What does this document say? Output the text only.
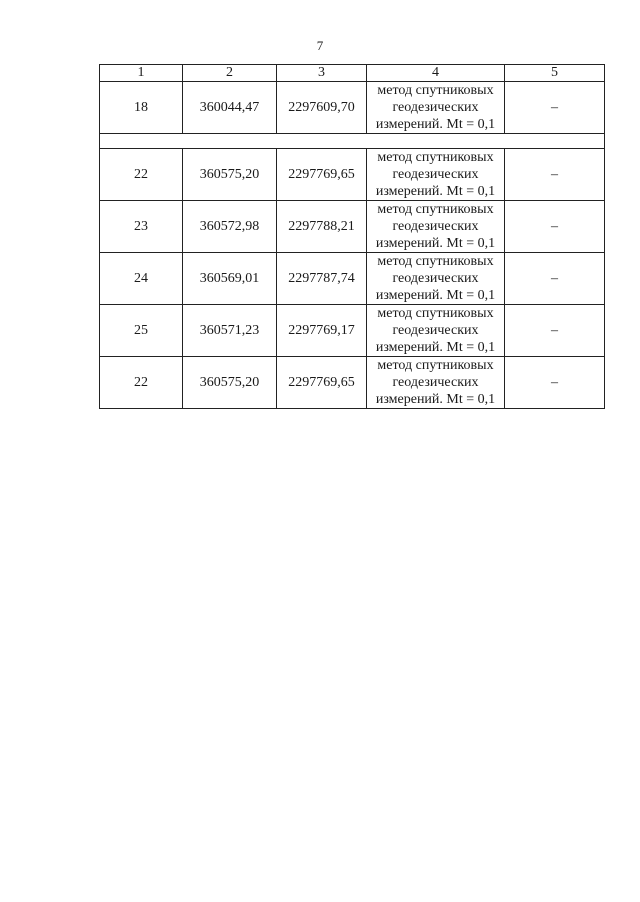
7
1	2	3	4	5
18	360044,47	2297609,70	метод спутниковых
геодезических
измерений. Mt = 0,1	–

22	360575,20	2297769,65	метод спутниковых
геодезических
измерений. Mt = 0,1	–
23	360572,98	2297788,21	метод спутниковых
геодезических
измерений. Mt = 0,1	–
24	360569,01	2297787,74	метод спутниковых
геодезических
измерений. Mt = 0,1	–
25	360571,23	2297769,17	метод спутниковых
геодезических
измерений. Mt = 0,1	–
22	360575,20	2297769,65	метод спутниковых
геодезических
измерений. Mt = 0,1	–
